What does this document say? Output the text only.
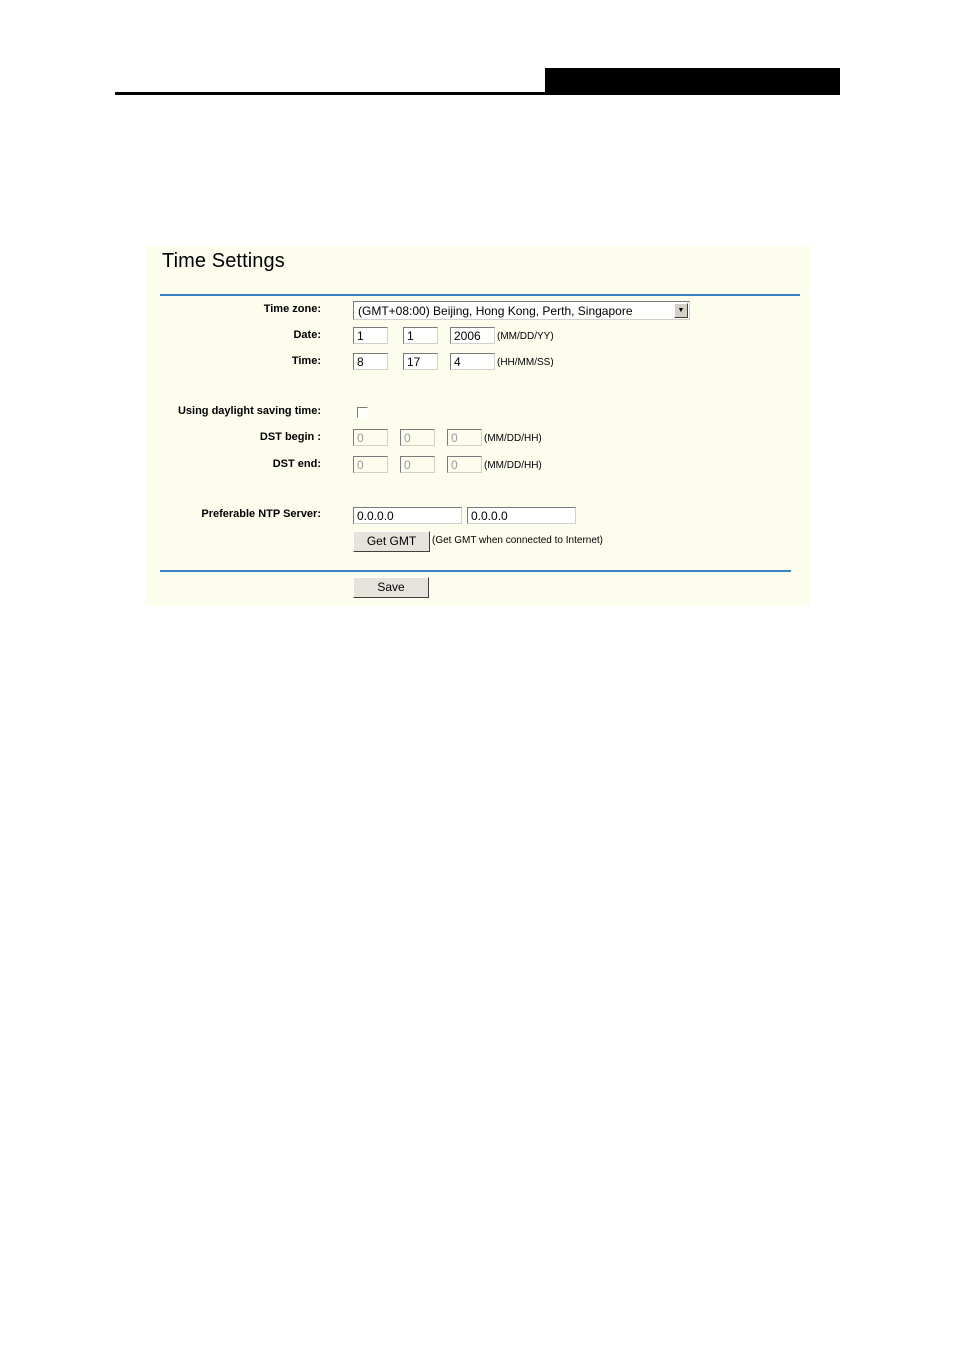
Time Settings
Time zone:	(GMT+08:00) Beijing, Hong Kong, Perth, Singapore	▼
Date:	1	1	2006	(MM/DD/YY)
Time:	8	17	4	(HH/MM/SS)
Using daylight saving time:
DST begin :	0	0	0	(MM/DD/HH)
DST end:	0	0	0	(MM/DD/HH)
Preferable NTP Server:	0.0.0.0	0.0.0.0
Get GMT	(Get GMT when connected to Internet)
Save
